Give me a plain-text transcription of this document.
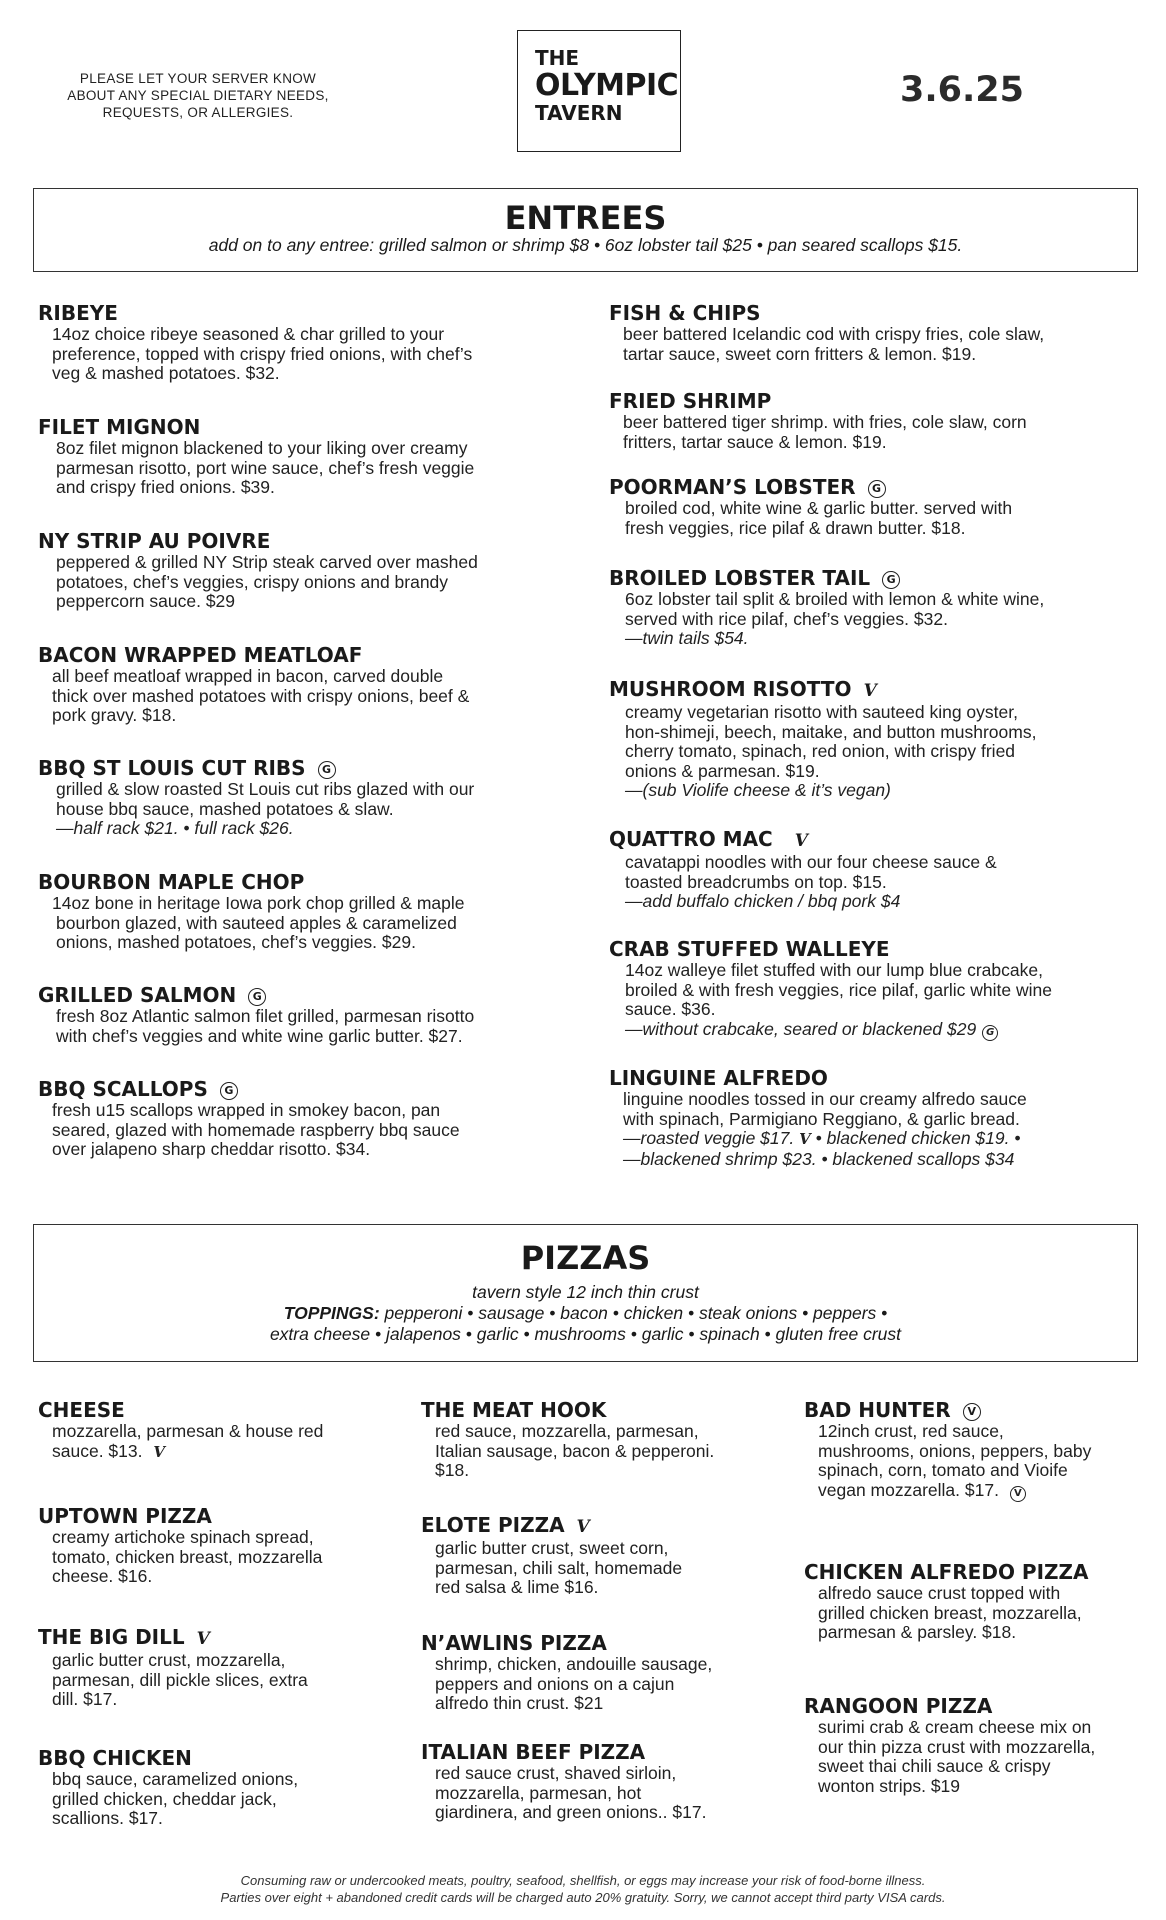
PLEASE LET YOUR SERVER KNOW
ABOUT ANY SPECIAL DIETARY NEEDS,
REQUESTS, OR ALLERGIES.
THE
OLYMPIC
TAVERN
3.6.25
ENTREES

add on to any entree: grilled salmon or shrimp $8 • 6oz lobster tail $25 • pan seared scallops $15.

RIBEYE
14oz choice ribeye seasoned & char grilled to your
preference, topped with crispy fried onions, with chef’s
veg & mashed potatoes. $32.
FILET MIGNON
8oz filet mignon blackened to your liking over creamy
parmesan risotto, port wine sauce, chef’s fresh veggie
and crispy fried onions. $39.
NY STRIP AU POIVRE
peppered & grilled NY Strip steak carved over mashed
potatoes, chef’s veggies, crispy onions and brandy
peppercorn sauce. $29
BACON WRAPPED MEATLOAF
all beef meatloaf wrapped in bacon, carved double
thick over mashed potatoes with crispy onions, beef &
pork gravy. $18.
BBQ ST LOUIS CUT RIBS G
grilled & slow roasted St Louis cut ribs glazed with our
house bbq sauce, mashed potatoes & slaw.
—half rack $21. • full rack $26.
BOURBON MAPLE CHOP
14oz bone in heritage Iowa pork chop grilled & maple
bourbon glazed, with sauteed apples & caramelized
onions, mashed potatoes, chef’s veggies. $29.
GRILLED SALMON G
fresh 8oz Atlantic salmon filet grilled, parmesan risotto
with chef’s veggies and white wine garlic butter. $27.
BBQ SCALLOPS G
fresh u15 scallops wrapped in smokey bacon, pan
seared, glazed with homemade raspberry bbq sauce
over jalapeno sharp cheddar risotto. $34.
FISH & CHIPS
beer battered Icelandic cod with crispy fries, cole slaw,
tartar sauce, sweet corn fritters & lemon. $19.
FRIED SHRIMP
beer battered tiger shrimp. with fries, cole slaw, corn
fritters, tartar sauce & lemon. $19.
POORMAN’S LOBSTER G
broiled cod, white wine & garlic butter. served with
fresh veggies, rice pilaf & drawn butter. $18.
BROILED LOBSTER TAIL G
6oz lobster tail split & broiled with lemon & white wine,
served with rice pilaf, chef’s veggies. $32.
—twin tails $54.
MUSHROOM RISOTTO V
creamy vegetarian risotto with sauteed king oyster,
hon-shimeji, beech, maitake, and button mushrooms,
cherry tomato, spinach, red onion, with crispy fried
onions & parmesan. $19.
—(sub Violife cheese & it’s vegan)
QUATTRO MAC V
cavatappi noodles with our four cheese sauce &
toasted breadcrumbs on top. $15.
—add buffalo chicken / bbq pork $4
CRAB STUFFED WALLEYE
14oz walleye filet stuffed with our lump blue crabcake,
broiled & with fresh veggies, rice pilaf, garlic white wine
sauce. $36.
—without crabcake, seared or blackened $29 G
LINGUINE ALFREDO
linguine noodles tossed in our creamy alfredo sauce
with spinach, Parmigiano Reggiano, & garlic bread.
—roasted veggie $17. V • blackened chicken $19. •
—blackened shrimp $23. • blackened scallops $34
PIZZAS

tavern style 12 inch thin crust

TOPPINGS: pepperoni • sausage • bacon • chicken • steak onions • peppers •

extra cheese • jalapenos • garlic • mushrooms • garlic • spinach • gluten free crust

CHEESE
mozzarella, parmesan & house red
sauce. $13. V
UPTOWN PIZZA
creamy artichoke spinach spread,
tomato, chicken breast, mozzarella
cheese. $16.
THE BIG DILL V
garlic butter crust, mozzarella,
parmesan, dill pickle slices, extra
dill. $17.
BBQ CHICKEN
bbq sauce, caramelized onions,
grilled chicken, cheddar jack,
scallions. $17.
THE MEAT HOOK
red sauce, mozzarella, parmesan,
Italian sausage, bacon & pepperoni.
$18.
ELOTE PIZZA V
garlic butter crust, sweet corn,
parmesan, chili salt, homemade
red salsa & lime $16.
N’AWLINS PIZZA
shrimp, chicken, andouille sausage,
peppers and onions on a cajun
alfredo thin crust. $21
ITALIAN BEEF PIZZA
red sauce crust, shaved sirloin,
mozzarella, parmesan, hot
giardinera, and green onions.. $17.
BAD HUNTER V
12inch crust, red sauce,
mushrooms, onions, peppers, baby
spinach, corn, tomato and Vioife
vegan mozzarella. $17. V
CHICKEN ALFREDO PIZZA
alfredo sauce crust topped with
grilled chicken breast, mozzarella,
parmesan & parsley. $18.
RANGOON PIZZA
surimi crab & cream cheese mix on
our thin pizza crust with mozzarella,
sweet thai chili sauce & crispy
wonton strips. $19
Consuming raw or undercooked meats, poultry, seafood, shellfish, or eggs may increase your risk of food-borne illness.
Parties over eight + abandoned credit cards will be charged auto 20% gratuity. Sorry, we cannot accept third party VISA cards.
